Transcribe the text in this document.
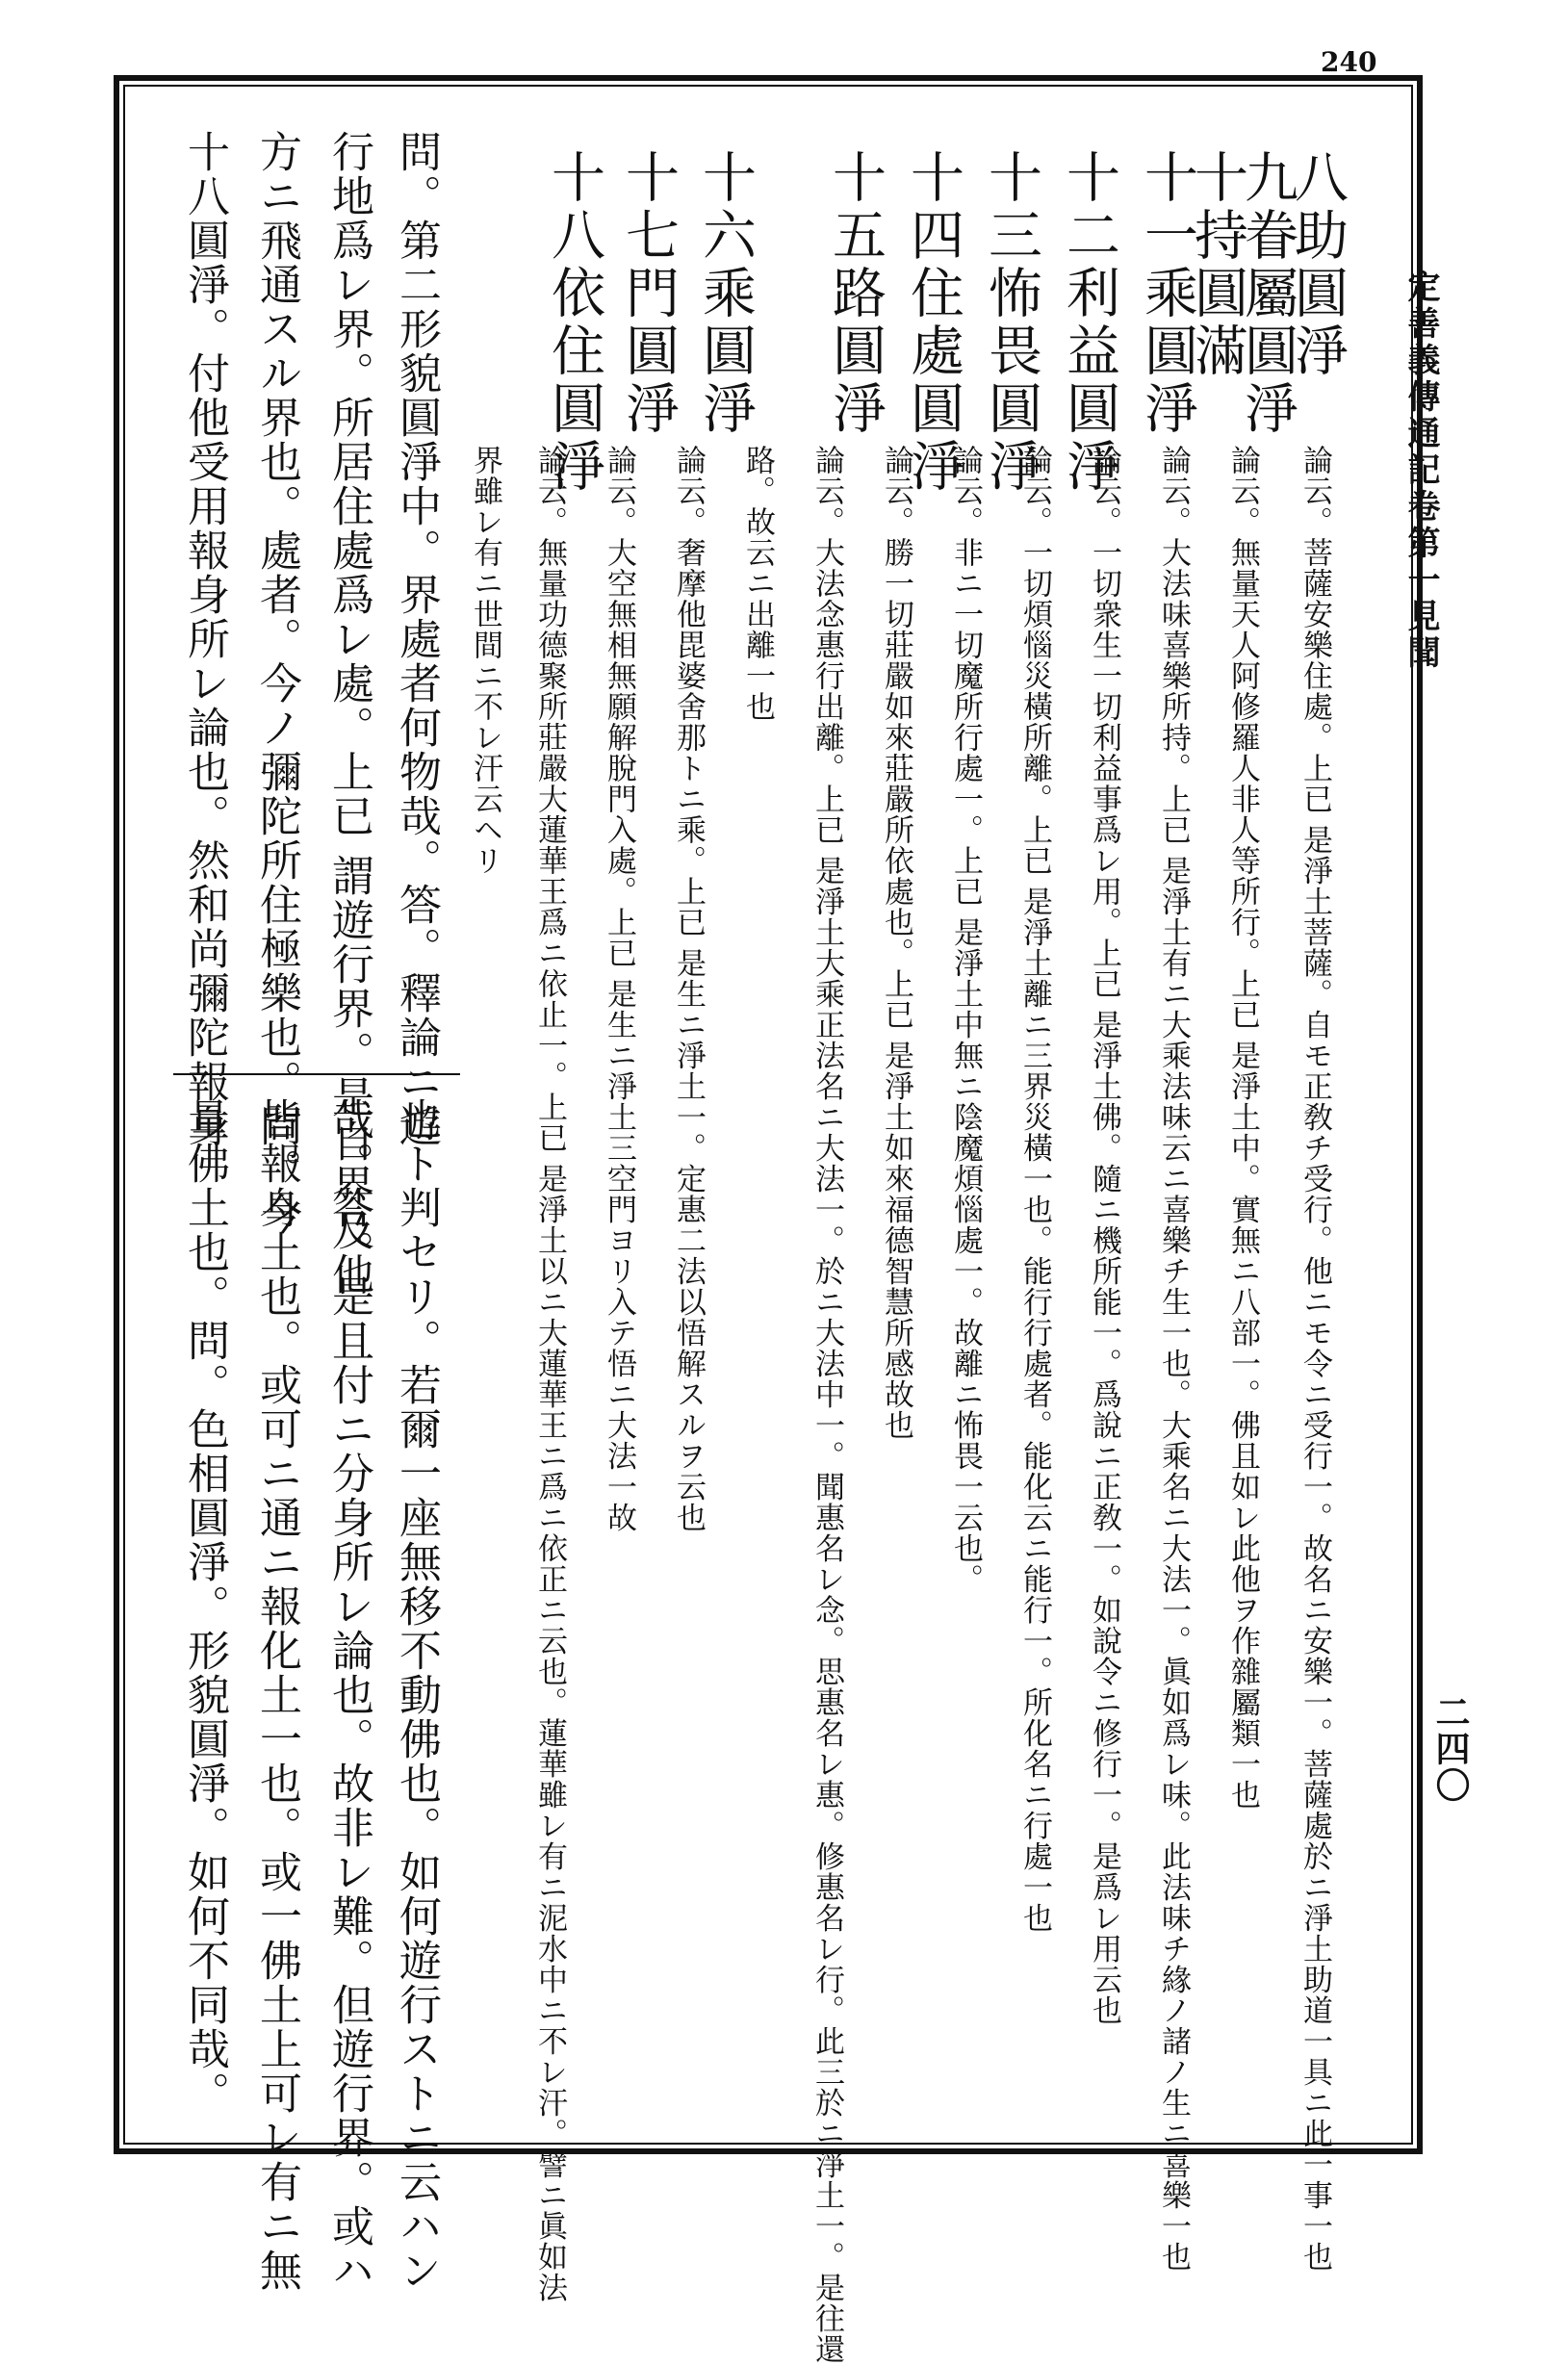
240
定善義傳通記卷第一見聞
二四〇
八助圓淨
九眷屬圓淨
十持圓滿
十一乘圓淨
十二利益圓淨
十三怖畏圓淨
十四住處圓淨
十五路圓淨
十六乘圓淨
十七門圓淨
十八依住圓淨
論云。菩薩安樂住處。上已 是淨土菩薩。自モ正敎チ受行。他ニモ令ニ受行一。故名ニ安樂一。菩薩處於ニ淨土助道一具ニ此一事一也
論云。無量天人阿修羅人非人等所行。上已 是淨土中。實無ニ八部一。佛且如レ此他ヲ作雜屬類一也
論云。大法味喜樂所持。上已 是淨土有ニ大乘法味云ニ喜樂チ生一也。大乘名ニ大法一。眞如爲レ味。此法味チ緣ノ諸ノ生ニ喜樂一也
論云。一切衆生一切利益事爲レ用。上已 是淨土佛。隨ニ機所能一。爲說ニ正敎一。如說令ニ修行一。是爲レ用云也
論云。一切煩惱災橫所離。上已 是淨土離ニ三界災橫一也。能行行處者。能化云ニ能行一。所化名ニ行處一也
論云。非ニ一切魔所行處一。上已 是淨土中無ニ陰魔煩惱處一。故離ニ怖畏一云也。
論云。勝一切莊嚴如來莊嚴所依處也。上已 是淨土如來福德智慧所感故也
論云。大法念惠行出離。上已 是淨土大乘正法名ニ大法一。於ニ大法中一。聞惠名レ念。思惠名レ惠。修惠名レ行。此三於ニ淨土一。是往還
路。故云ニ出離一也
論云。奢摩他毘婆舍那トニ乘。上已 是生ニ淨土一。定惠二法以悟解スルヲ云也
論云。大空無相無願解脫門入處。上已 是生ニ淨土三空門ヨリ入テ悟ニ大法一故
論云。無量功德聚所莊嚴大蓮華王爲ニ依止一。上已 是淨土以ニ大蓮華王ニ爲ニ依正ニ云也。蓮華雖レ有ニ泥水中ニ不レ汗。譬ニ眞如法
界雖レ有ニ世間ニ不レ汗云ヘリ
問。第二形貌圓淨中。界處者何物哉。答。釋論ニ遊
行地爲レ界。所居住處爲レ處。上已 謂遊行界。是自界及他
方ニ飛通スル界也。處者。今ノ彌陀所住極樂也。問。今
十八圓淨。付他受用報身所レ論也。然和尚彌陀報身
也ト判セリ。若爾一座無移不動佛也。如何遊行ストニ云ハン
哉。答。是且付ニ分身所レ論也。故非レ難。但遊行界。或ハ
皆報身土也。或可ニ通ニ報化土一也。或一佛土上可レ有ニ無
量佛土也。問。色相圓淨。形貌圓淨。如何不同哉。
